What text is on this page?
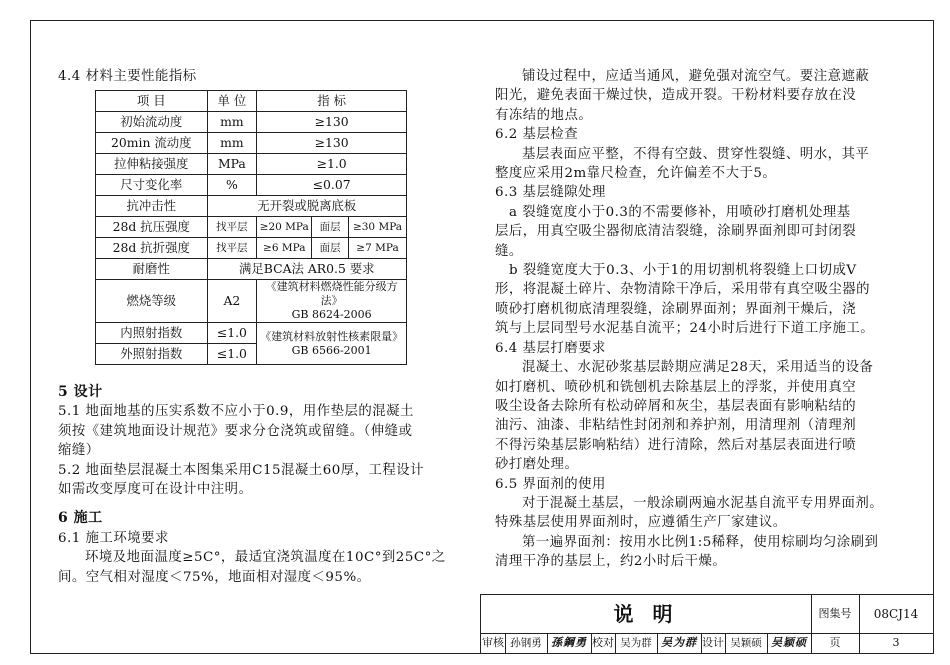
4.4 材料主要性能指标

项 目	单 位	指 标		
初始流动度	mm	≥130		
20min 流动度	mm	≥130		
拉伸粘接强度	MPa	≥1.0		
尺寸变化率	%	≤0.07		
抗冲击性	无开裂或脱离底板			
28d 抗压强度	找平层	≥20 MPa	面层	≥30 MPa
28d 抗折强度	找平层	≥6 MPa	面层	≥7 MPa
耐磨性	满足BCA法 AR0.5 要求			
燃烧等级	A2	《建筑材料燃烧性能分级方法》
GB 8624-2006		

内照射指数	≤1.0	《建筑材料放射性核素限量》
GB 6566-2001		

外照射指数	≤1.0			

5 设计

5.1 地面地基的压实系数不应小于0.9，用作垫层的混凝土

须按《建筑地面设计规范》要求分仓浇筑或留缝。（伸缝或

缩缝）

5.2 地面垫层混凝土本图集采用C15混凝土60厚，工程设计

如需改变厚度可在设计中注明。

6 施工

6.1 施工环境要求

环境及地面温度≥5C°，最适宜浇筑温度在10C°到25C°之

间。空气相对湿度＜75%，地面相对湿度＜95%。

铺设过程中，应适当通风，避免强对流空气。要注意遮蔽

阳光，避免表面干燥过快，造成开裂。干粉材料要存放在没

有冻结的地点。

6.2 基层检查

基层表面应平整，不得有空鼓、贯穿性裂缝、明水，其平

整度应采用2m靠尺检查，允许偏差不大于5。

6.3 基层缝隙处理

a 裂缝宽度小于0.3的不需要修补，用喷砂打磨机处理基

层后，用真空吸尘器彻底清洁裂缝，涂刷界面剂即可封闭裂

缝。

b 裂缝宽度大于0.3、小于1的用切割机将裂缝上口切成V

形，将混凝土碎片、杂物清除干净后，采用带有真空吸尘器的

喷砂打磨机彻底清理裂缝，涂刷界面剂；界面剂干燥后，浇

筑与上层同型号水泥基自流平；24小时后进行下道工序施工。

6.4 基层打磨要求

混凝土、水泥砂浆基层龄期应满足28天，采用适当的设备

如打磨机、喷砂机和铣刨机去除基层上的浮浆，并使用真空

吸尘设备去除所有松动碎屑和灰尘，基层表面有影响粘结的

油污、油漆、非粘结性封闭剂和养护剂，用清理剂（清理剂

不得污染基层影响粘结）进行清除，然后对基层表面进行喷

砂打磨处理。

6.5 界面剂的使用

对于混凝土基层，一般涂刷两遍水泥基自流平专用界面剂。

特殊基层使用界面剂时，应遵循生产厂家建议。

第一遍界面剂：按用水比例1:5稀释，使用棕刷均匀涂刷到

清理干净的基层上，约2小时后干燥。

说 明	图集号	08CJ14
审核 孙钢勇 孫鋼勇 校对 吴为群 吴为群 设计 吴颖硕 吴颖硕	页	3
